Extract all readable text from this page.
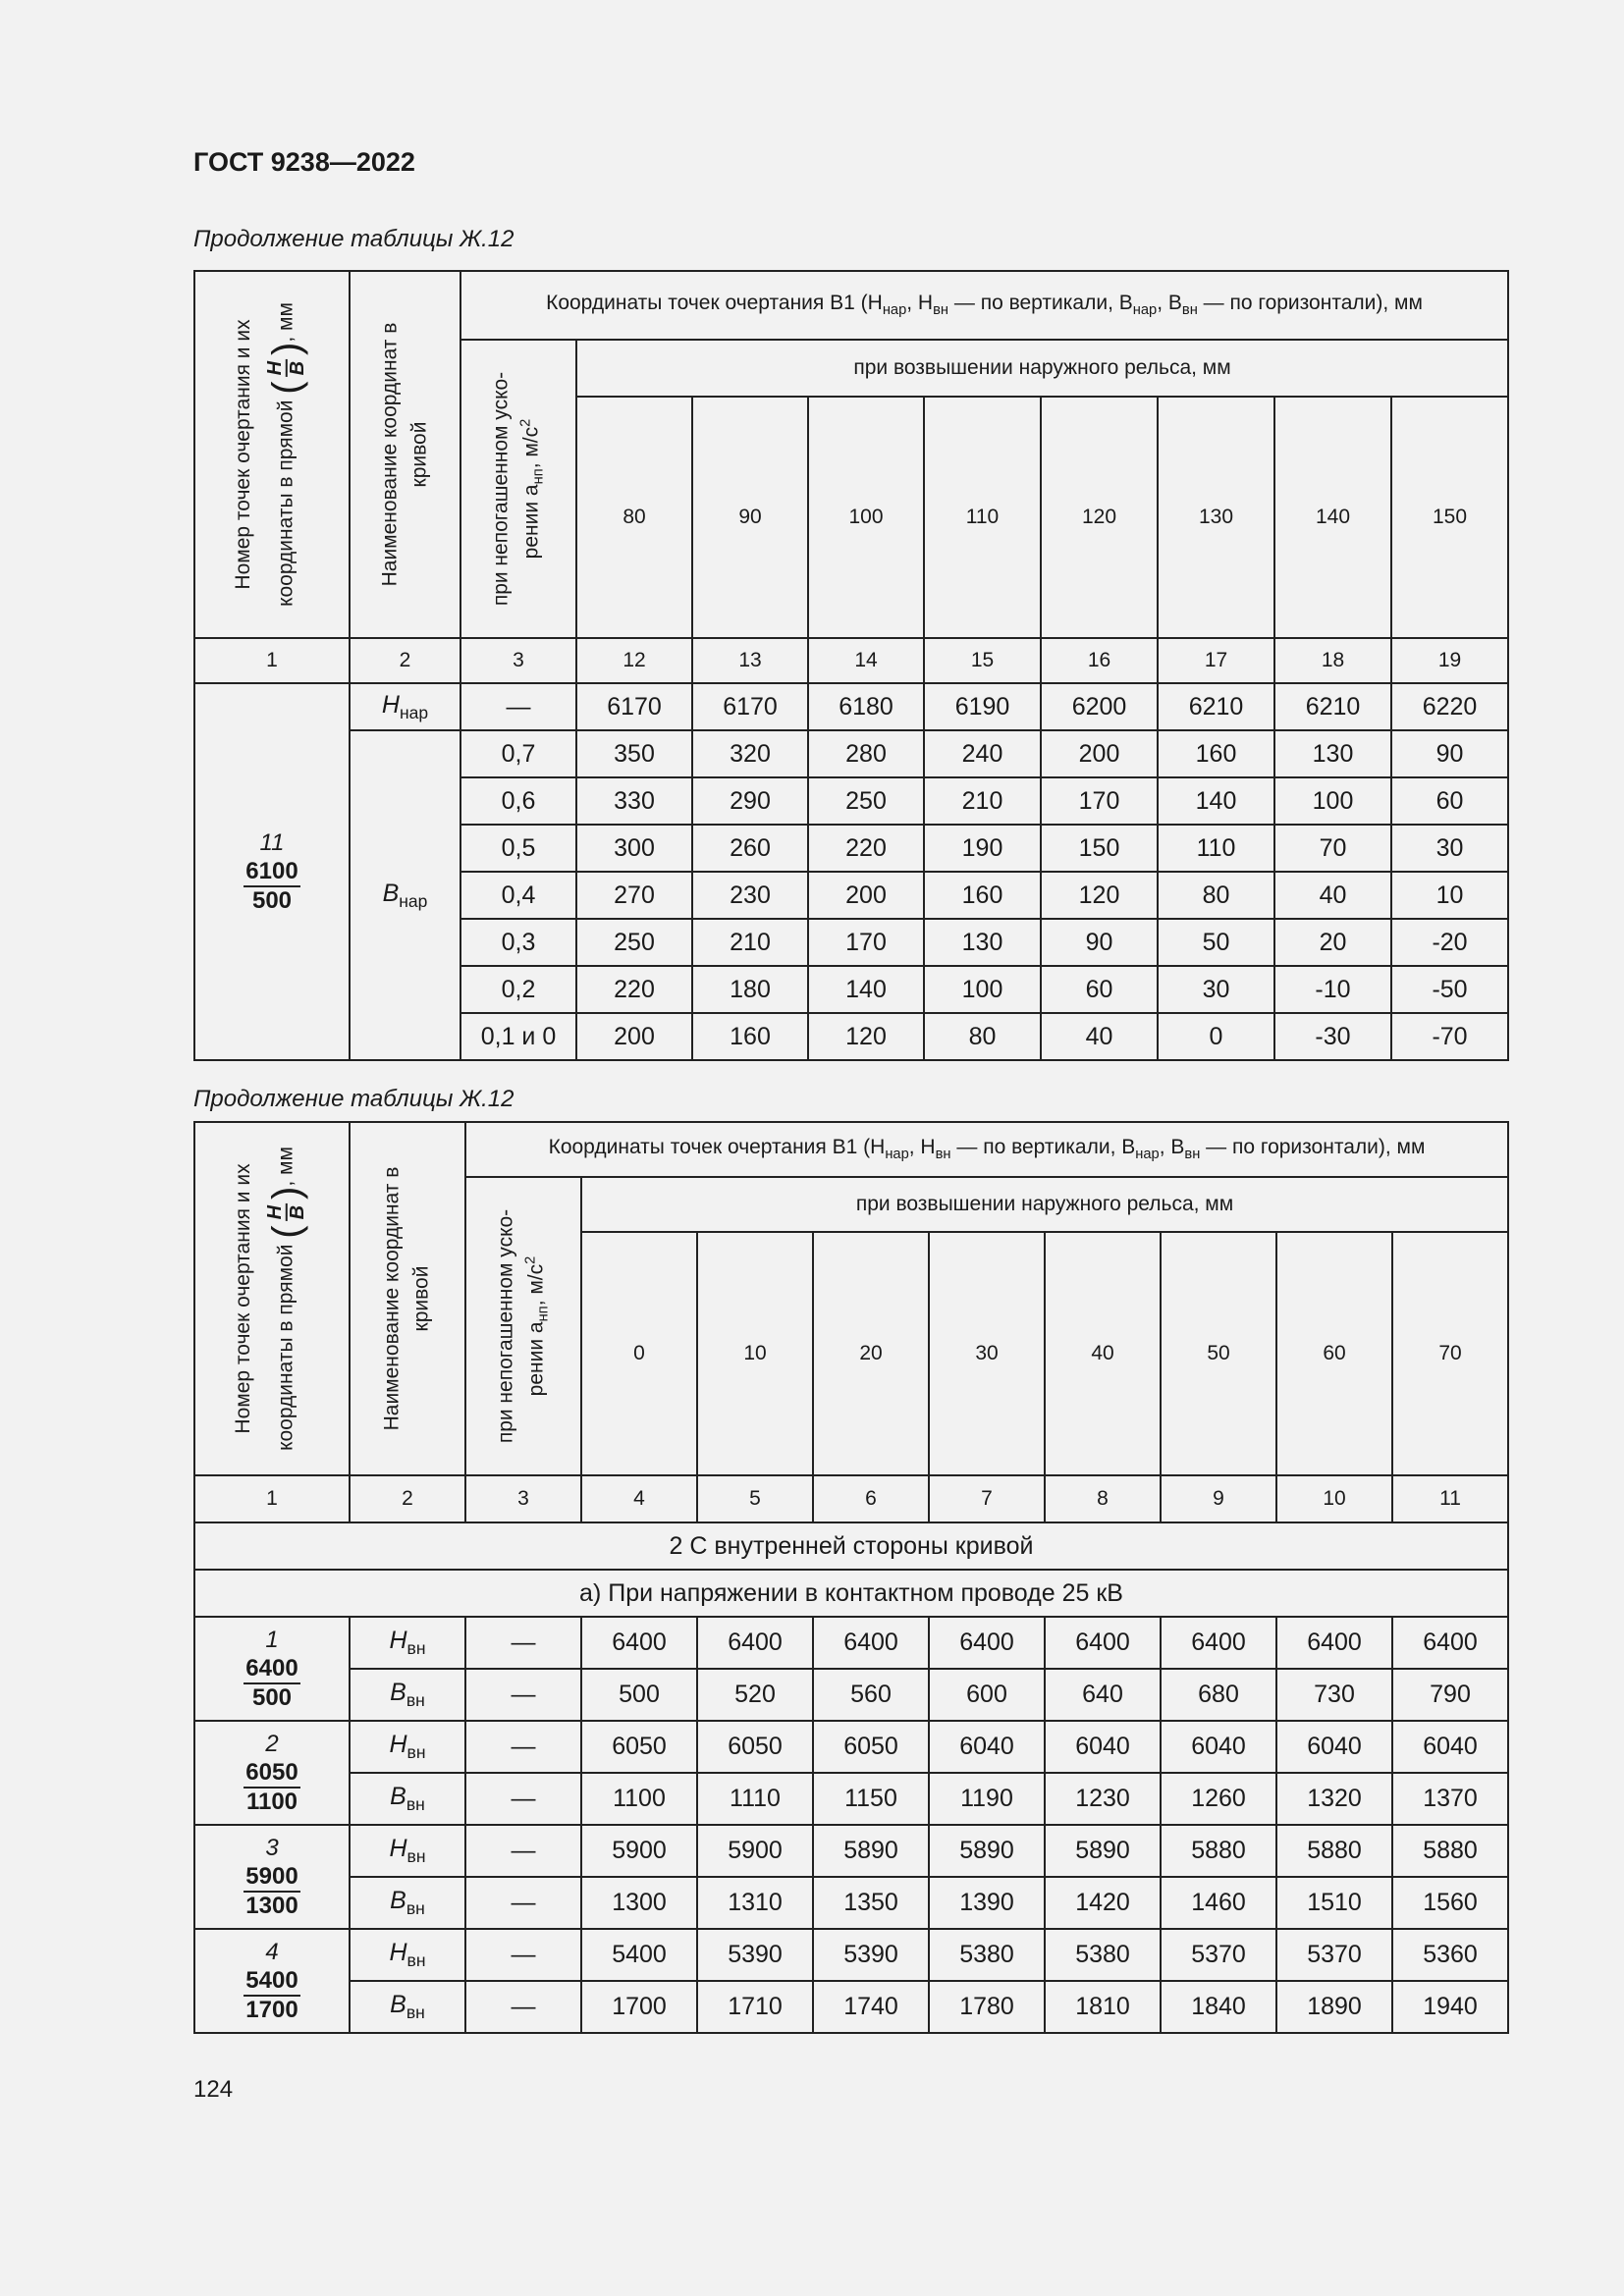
ГОСТ 9238—2022
Продолжение таблицы Ж.12
Номер точек очертания и их координаты в прямой (
H B
), мм	Наименование координат в кривой	Координаты точек очертания В1 ($Н_{нар}$, $Н_{вн}$ — по вертикали, $В_{нар}$, $В_{вн}$ — по горизонтали), мм								

		при непогашенном уско- рении $a_{нп}$, $м/с^2$	при возвышении наружного рельса, мм							
			80	90	100	110	120	130	140	150
1	2	3	12	13	14	15	16	17	18	19

11
6100
500	$Н_{нар}$	—	6170	6170	6180	6190	6200	6210	6210	6220
	$В_{нар}$	0,7	350	320	280	240	200	160	130	90
		0,6	330	290	250	210	170	140	100	60
		0,5	300	260	220	190	150	110	70	30
		0,4	270	230	200	160	120	80	40	10
		0,3	250	210	170	130	90	50	20	-20
		0,2	220	180	140	100	60	30	-10	-50
		0,1 и 0	200	160	120	80	40	0	-30	-70
Продолжение таблицы Ж.12
Номер точек очертания и их координаты в прямой (
H B
), мм	Наименование координат в кривой	Координаты точек очертания В1 ($Н_{нар}$, $Н_{вн}$ — по вертикали, $В_{нар}$, $В_{вн}$ — по горизонтали), мм								

		при непогашенном уско- рении $a_{нп}$, $м/с^2$	при возвышении наружного рельса, мм							
			0	10	20	30	40	50	60	70
1	2	3	4	5	6	7	8	9	10	11
2 С внутренней стороны кривой										
а) При напряжении в контактном проводе 25 кВ										

1
6400
500	$Н_{вн}$	—	6400	6400	6400	6400	6400	6400	6400	6400
	$В_{вн}$	—	500	520	560	600	640	680	730	790

2
6050
1100	$Н_{вн}$	—	6050	6050	6050	6040	6040	6040	6040	6040
	$В_{вн}$	—	1100	1110	1150	1190	1230	1260	1320	1370

3
5900
1300	$Н_{вн}$	—	5900	5900	5890	5890	5890	5880	5880	5880
	$В_{вн}$	—	1300	1310	1350	1390	1420	1460	1510	1560

4
5400
1700	$Н_{вн}$	—	5400	5390	5390	5380	5380	5370	5370	5360
	$В_{вн}$	—	1700	1710	1740	1780	1810	1840	1890	1940
124
